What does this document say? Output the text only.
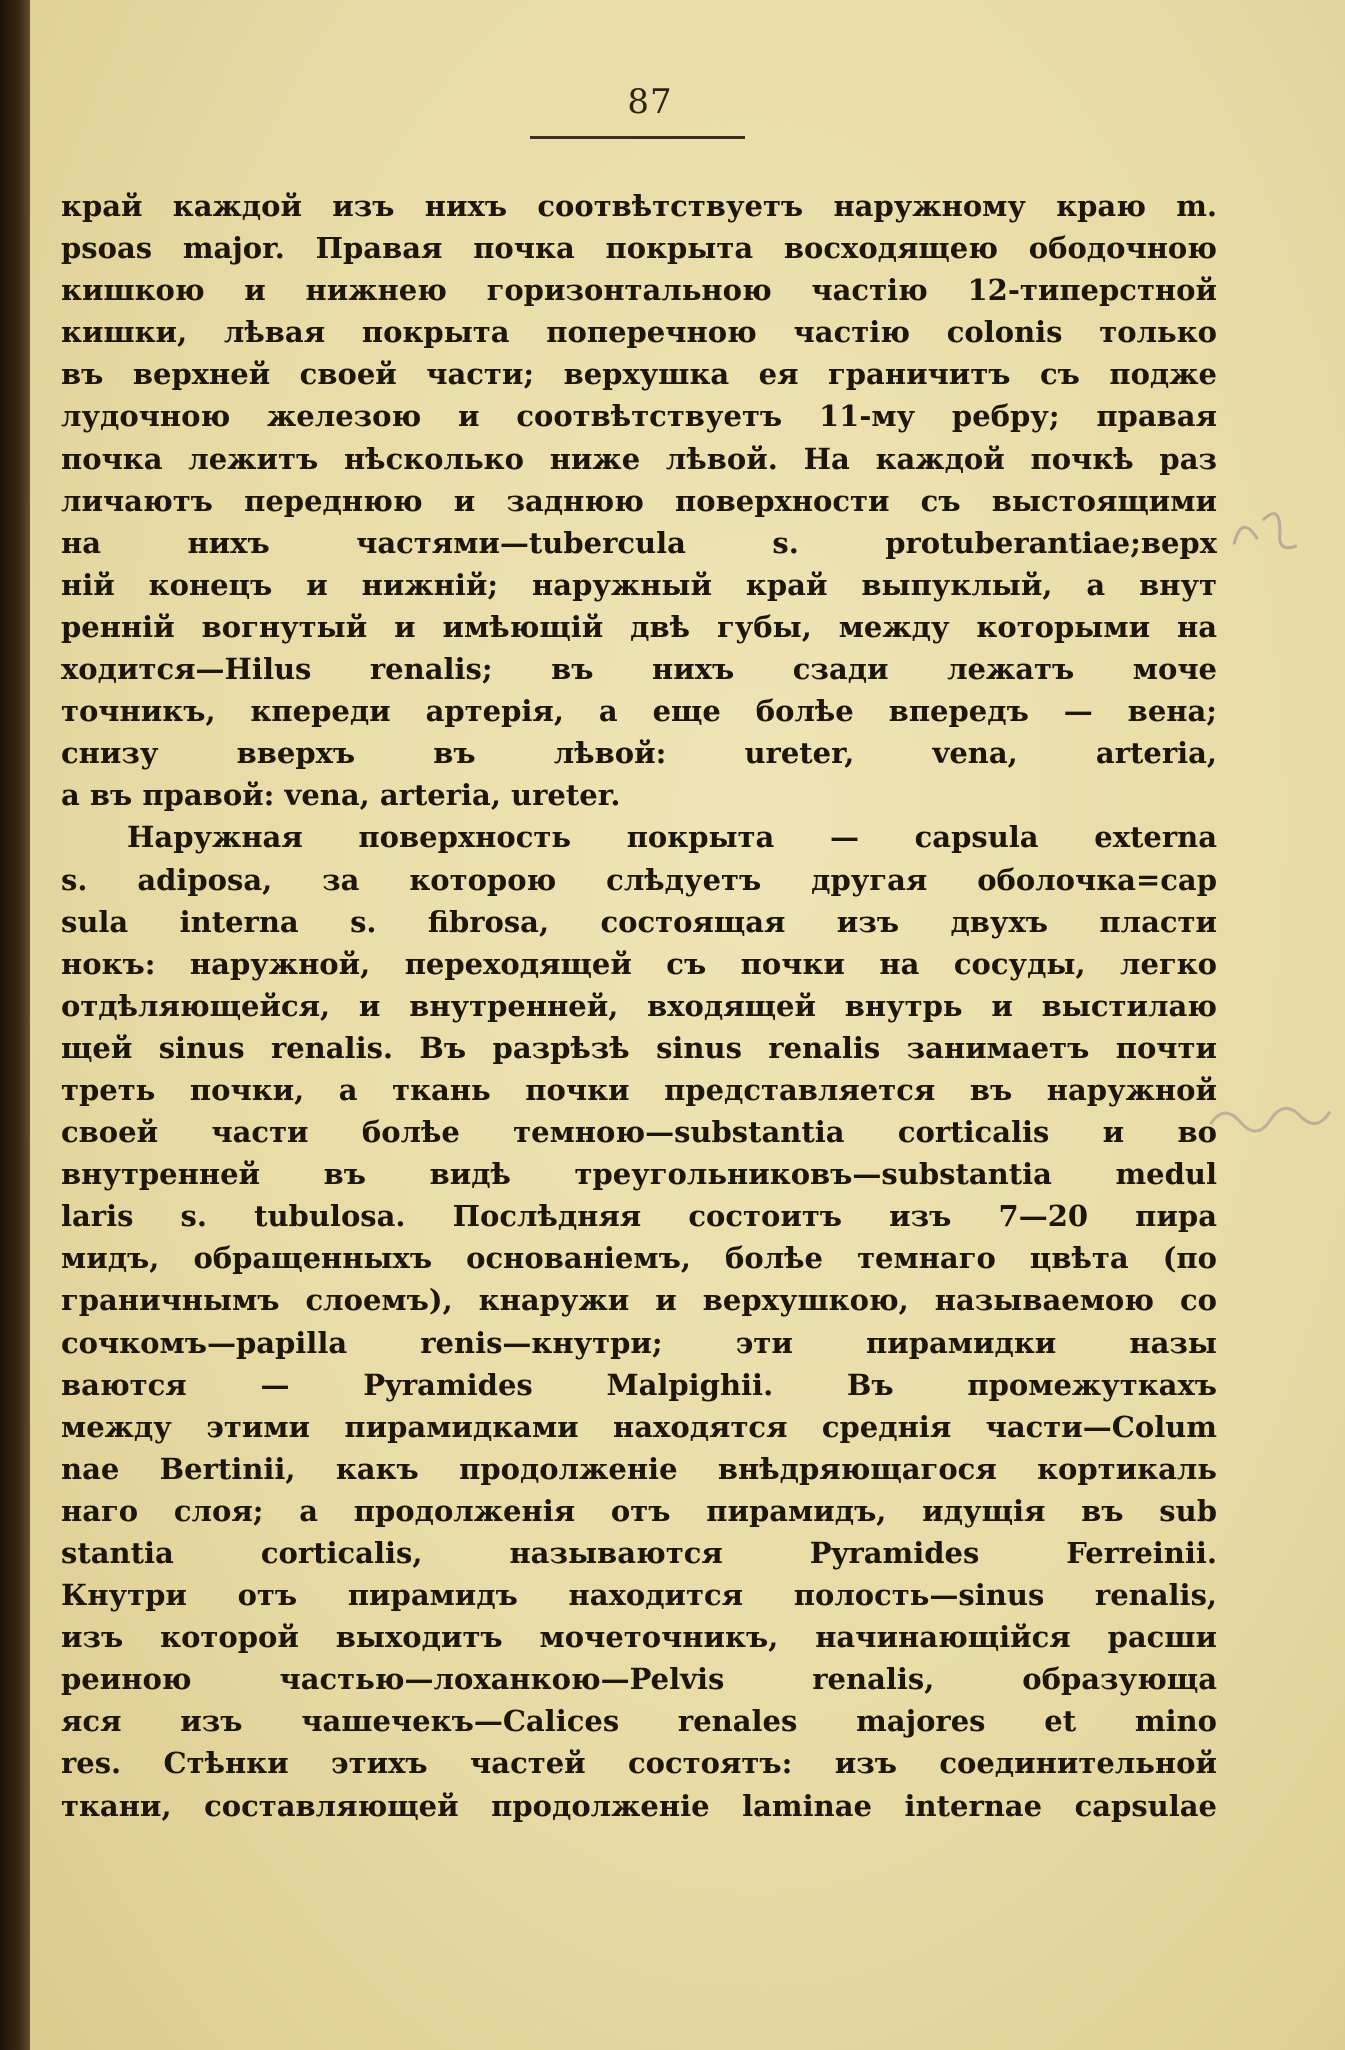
87
край каждой изъ нихъ соотвѣтствуетъ наружному краю m.
psoas major. Правая почка покрыта восходящею ободочною
кишкою и нижнею горизонтальною частію 12-типерстной
кишки, лѣвая покрыта поперечною частію colonis только
въ верхней своей части; верхушка ея граничитъ съ подже
лудочною железою и соотвѣтствуетъ 11-му ребру; правая
почка лежитъ нѣсколько ниже лѣвой. На каждой почкѣ раз
личаютъ переднюю и заднюю поверхности съ выстоящими
на нихъ частями—tubercula s. protuberantiae;верх
ній конецъ и нижній; наружный край выпуклый, а внут
ренній вогнутый и имѣющій двѣ губы, между которыми на
ходится—Hilus renalis; въ нихъ сзади лежатъ моче
точникъ, кпереди артерія, а еще болѣе впередъ — вена;
снизу вверхъ въ лѣвой: ureter, vena, arteria,
а въ правой: vena, arteria, ureter.
Наружная поверхность покрыта — capsula externa
s. adiposa, за которою слѣдуетъ другая оболочка=cap
sula interna s. fibrosa, состоящая изъ двухъ пласти
нокъ: наружной, переходящей съ почки на сосуды, легко
отдѣляющейся, и внутренней, входящей внутрь и выстилаю
щей sinus renalis. Въ разрѣзѣ sinus renalis занимаетъ почти
треть почки, а ткань почки представляется въ наружной
своей части болѣе темною—substantia corticalis и во
внутренней въ видѣ треугольниковъ—substantia medul
laris s. tubulosa. Послѣдняя состоитъ изъ 7—20 пира
мидъ, обращенныхъ основаніемъ, болѣе темнаго цвѣта (по
граничнымъ слоемъ), кнаружи и верхушкою, называемою со
сочкомъ—papilla renis—кнутри; эти пирамидки назы
ваются — Pyramides Malpighii. Въ промежуткахъ
между этими пирамидками находятся среднія части—Colum
nae Bertinii, какъ продолженіе внѣдряющагося кортикаль
наго слоя; а продолженія отъ пирамидъ, идущія въ sub
stantia corticalis, называются Pyramides Ferreinii.
Кнутри отъ пирамидъ находится полость—sinus renalis,
изъ которой выходитъ мочеточникъ, начинающійся расши
реиною частью—лоханкою—Pelvis renalis, образующа
яся изъ чашечекъ—Calices renales majores et mino
res. Стѣнки этихъ частей состоятъ: изъ соединительной
ткани, составляющей продолженіе laminae internae capsulae
